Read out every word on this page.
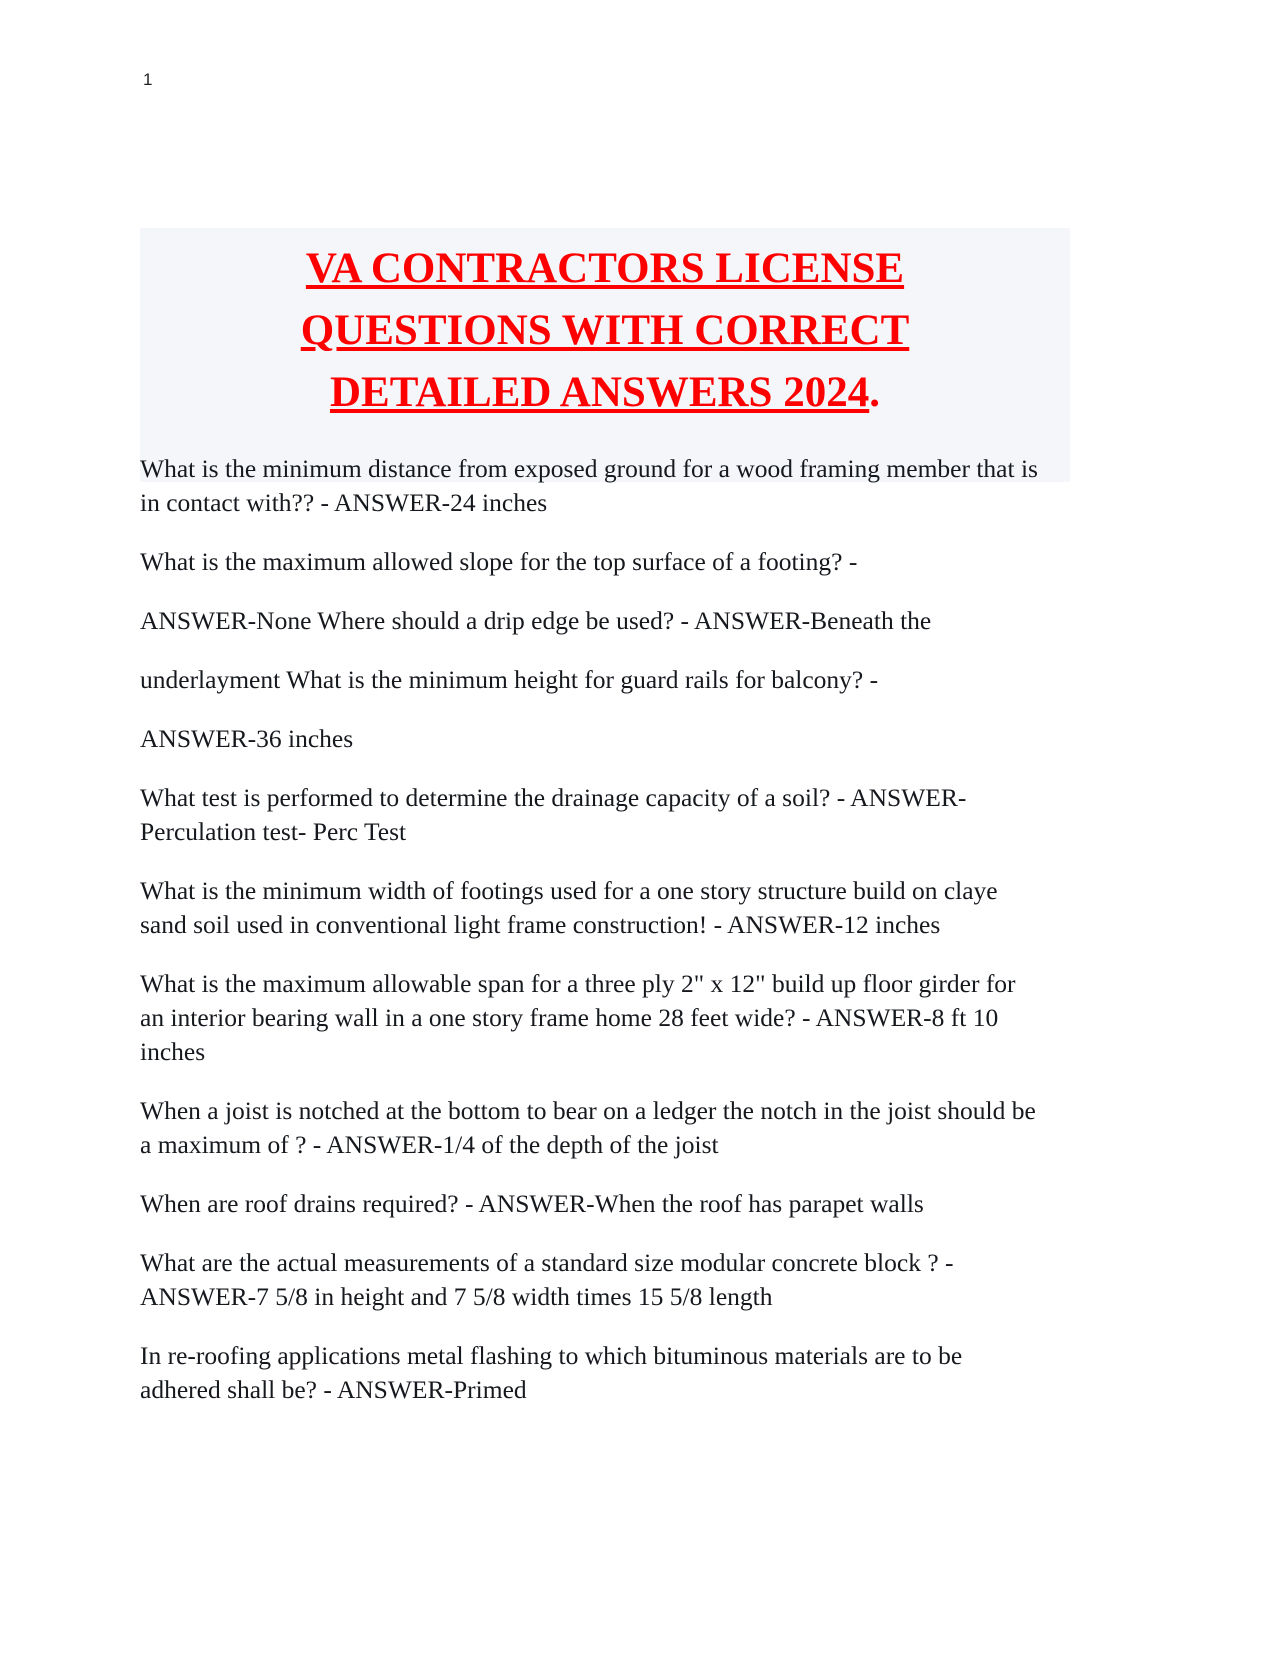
1
VA CONTRACTORS LICENSE
QUESTIONS WITH CORRECT
DETAILED ANSWERS 2024.

What is the minimum distance from exposed ground for a wood framing member that is in contact with?? - ANSWER-24 inches

What is the maximum allowed slope for the top surface of a footing? -

ANSWER-None Where should a drip edge be used? - ANSWER-Beneath the

underlayment What is the minimum height for guard rails for balcony? -

ANSWER-36 inches

What test is performed to determine the drainage capacity of a soil? - ANSWER-Perculation test- Perc Test

What is the minimum width of footings used for a one story structure build on claye sand soil used in conventional light frame construction! - ANSWER-12 inches

What is the maximum allowable span for a three ply 2" x 12" build up floor girder for an interior bearing wall in a one story frame home 28 feet wide? - ANSWER-8 ft 10 inches

When a joist is notched at the bottom to bear on a ledger the notch in the joist should be a maximum of ? - ANSWER-1/4 of the depth of the joist

When are roof drains required? - ANSWER-When the roof has parapet walls

What are the actual measurements of a standard size modular concrete block ? - ANSWER-7 5/8 in height and 7 5/8 width times 15 5/8 length

In re-roofing applications metal flashing to which bituminous materials are to be adhered shall be? - ANSWER-Primed
